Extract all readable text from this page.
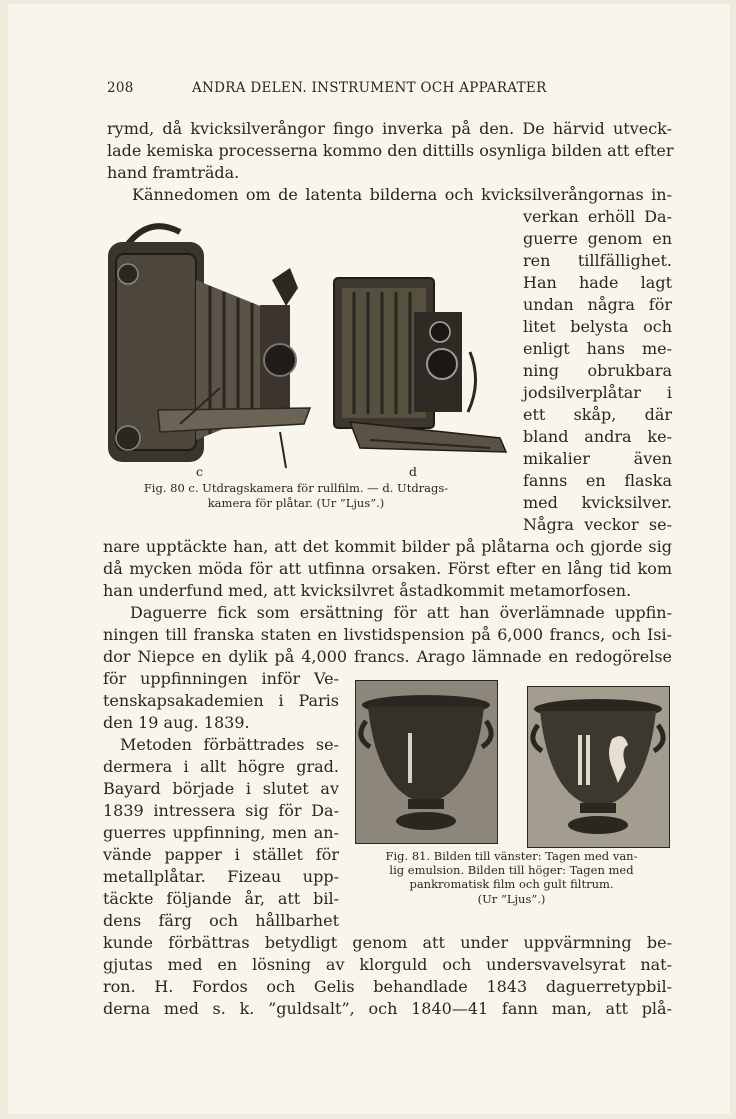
208	ANDRA DELEN. INSTRUMENT OCH APPARATER
rymd, då kvicksilverångor fingo inverka på den. De härvid utveck-
lade kemiska processerna kommo den dittills osynliga bilden att efter
hand framträda.
Kännedomen om de latenta bilderna och kvicksilverångornas in-
verkan erhöll Da-
guerre genom en
ren tillfällighet.
Han hade lagt
undan några för
litet belysta och
enligt hans me-
ning obrukbara
jodsilverplåtar i
ett skåp, där
bland andra ke-
mikalier även
fanns en flaska
med kvicksilver.
Några veckor se-
nare upptäckte han, att det kommit bilder på plåtarna och gjorde sig
då mycken möda för att utfinna orsaken. Först efter en lång tid kom
han underfund med, att kvicksilvret åstadkommit metamorfosen.
Daguerre fick som ersättning för att han överlämnade uppfin-
ningen till franska staten en livstidspension på 6,000 francs, och Isi-
dor Niepce en dylik på 4,000 francs. Arago lämnade en redogörelse
för uppfinningen inför Ve-
tenskapsakademien i Paris
den 19 aug. 1839.
Metoden förbättrades se-
dermera i allt högre grad.
Bayard började i slutet av
1839 intressera sig för Da-
guerres uppfinning, men an-
vände papper i stället för
metallplåtar. Fizeau upp-
täckte följande år, att bil-
dens färg och hållbarhet
kunde förbättras betydligt genom att under uppvärmning be-
gjutas med en lösning av klorguld och undersvavelsyrat nat-
ron. H. Fordos och Gelis behandlade 1843 daguerretypbil-
derna med s. k. ”guldsalt”, och 1840—41 fann man, att plå-
c	d
Fig. 80 c. Utdragskamera för rullfilm. — d. Utdrags-
kamera för plåtar. (Ur ”Ljus”.)
Fig. 81. Bilden till vänster: Tagen med van-
lig emulsion. Bilden till höger: Tagen med
pankromatisk film och gult filtrum.
(Ur ”Ljus”.)
